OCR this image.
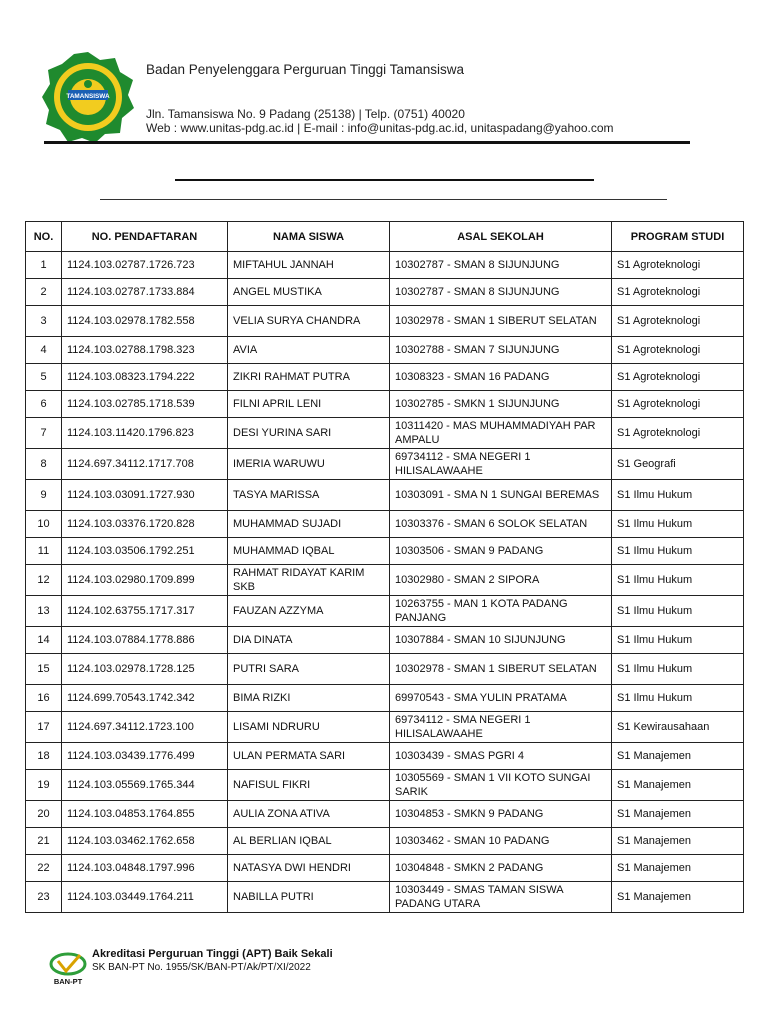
TAMANSISWA
Badan Penyelenggara Perguruan Tinggi Tamansiswa
Jln. Tamansiswa No. 9 Padang (25138) | Telp. (0751) 40020
Web : www.unitas-pdg.ac.id | E-mail : info@unitas-pdg.ac.id, unitaspadang@yahoo.com
NO.	NO. PENDAFTARAN	NAMA SISWA	ASAL SEKOLAH	PROGRAM STUDI
1	1124.103.02787.1726.723	MIFTAHUL JANNAH	10302787 - SMAN 8 SIJUNJUNG	S1 Agroteknologi
2	1124.103.02787.1733.884	ANGEL MUSTIKA	10302787 - SMAN 8 SIJUNJUNG	S1 Agroteknologi
3	1124.103.02978.1782.558	VELIA SURYA CHANDRA	10302978 - SMAN 1 SIBERUT SELATAN	S1 Agroteknologi
4	1124.103.02788.1798.323	AVIA	10302788 - SMAN 7 SIJUNJUNG	S1 Agroteknologi
5	1124.103.08323.1794.222	ZIKRI RAHMAT PUTRA	10308323 - SMAN 16 PADANG	S1 Agroteknologi
6	1124.103.02785.1718.539	FILNI APRIL LENI	10302785 - SMKN 1 SIJUNJUNG	S1 Agroteknologi
7	1124.103.11420.1796.823	DESI YURINA SARI	10311420 - MAS MUHAMMADIYAH PAR AMPALU	S1 Agroteknologi
8	1124.697.34112.1717.708	IMERIA WARUWU	69734112 - SMA NEGERI 1 HILISALAWAAHE	S1 Geografi
9	1124.103.03091.1727.930	TASYA MARISSA	10303091 - SMA N 1 SUNGAI BEREMAS	S1 Ilmu Hukum
10	1124.103.03376.1720.828	MUHAMMAD SUJADI	10303376 - SMAN 6 SOLOK SELATAN	S1 Ilmu Hukum
11	1124.103.03506.1792.251	MUHAMMAD IQBAL	10303506 - SMAN 9 PADANG	S1 Ilmu Hukum
12	1124.103.02980.1709.899	RAHMAT RIDAYAT KARIM SKB	10302980 - SMAN 2 SIPORA	S1 Ilmu Hukum
13	1124.102.63755.1717.317	FAUZAN AZZYMA	10263755 - MAN 1 KOTA PADANG PANJANG	S1 Ilmu Hukum
14	1124.103.07884.1778.886	DIA DINATA	10307884 - SMAN 10 SIJUNJUNG	S1 Ilmu Hukum
15	1124.103.02978.1728.125	PUTRI SARA	10302978 - SMAN 1 SIBERUT SELATAN	S1 Ilmu Hukum
16	1124.699.70543.1742.342	BIMA RIZKI	69970543 - SMA YULIN PRATAMA	S1 Ilmu Hukum
17	1124.697.34112.1723.100	LISAMI NDRURU	69734112 - SMA NEGERI 1 HILISALAWAAHE	S1 Kewirausahaan
18	1124.103.03439.1776.499	ULAN PERMATA SARI	10303439 - SMAS PGRI 4	S1 Manajemen
19	1124.103.05569.1765.344	NAFISUL FIKRI	10305569 - SMAN 1 VII KOTO SUNGAI SARIK	S1 Manajemen
20	1124.103.04853.1764.855	AULIA ZONA ATIVA	10304853 - SMKN 9 PADANG	S1 Manajemen
21	1124.103.03462.1762.658	AL BERLIAN IQBAL	10303462 - SMAN 10 PADANG	S1 Manajemen
22	1124.103.04848.1797.996	NATASYA DWI HENDRI	10304848 - SMKN 2 PADANG	S1 Manajemen
23	1124.103.03449.1764.211	NABILLA PUTRI	10303449 - SMAS TAMAN SISWA PADANG UTARA	S1 Manajemen
BAN-PT
Akreditasi Perguruan Tinggi (APT) Baik Sekali
SK BAN-PT No. 1955/SK/BAN-PT/Ak/PT/XI/2022
